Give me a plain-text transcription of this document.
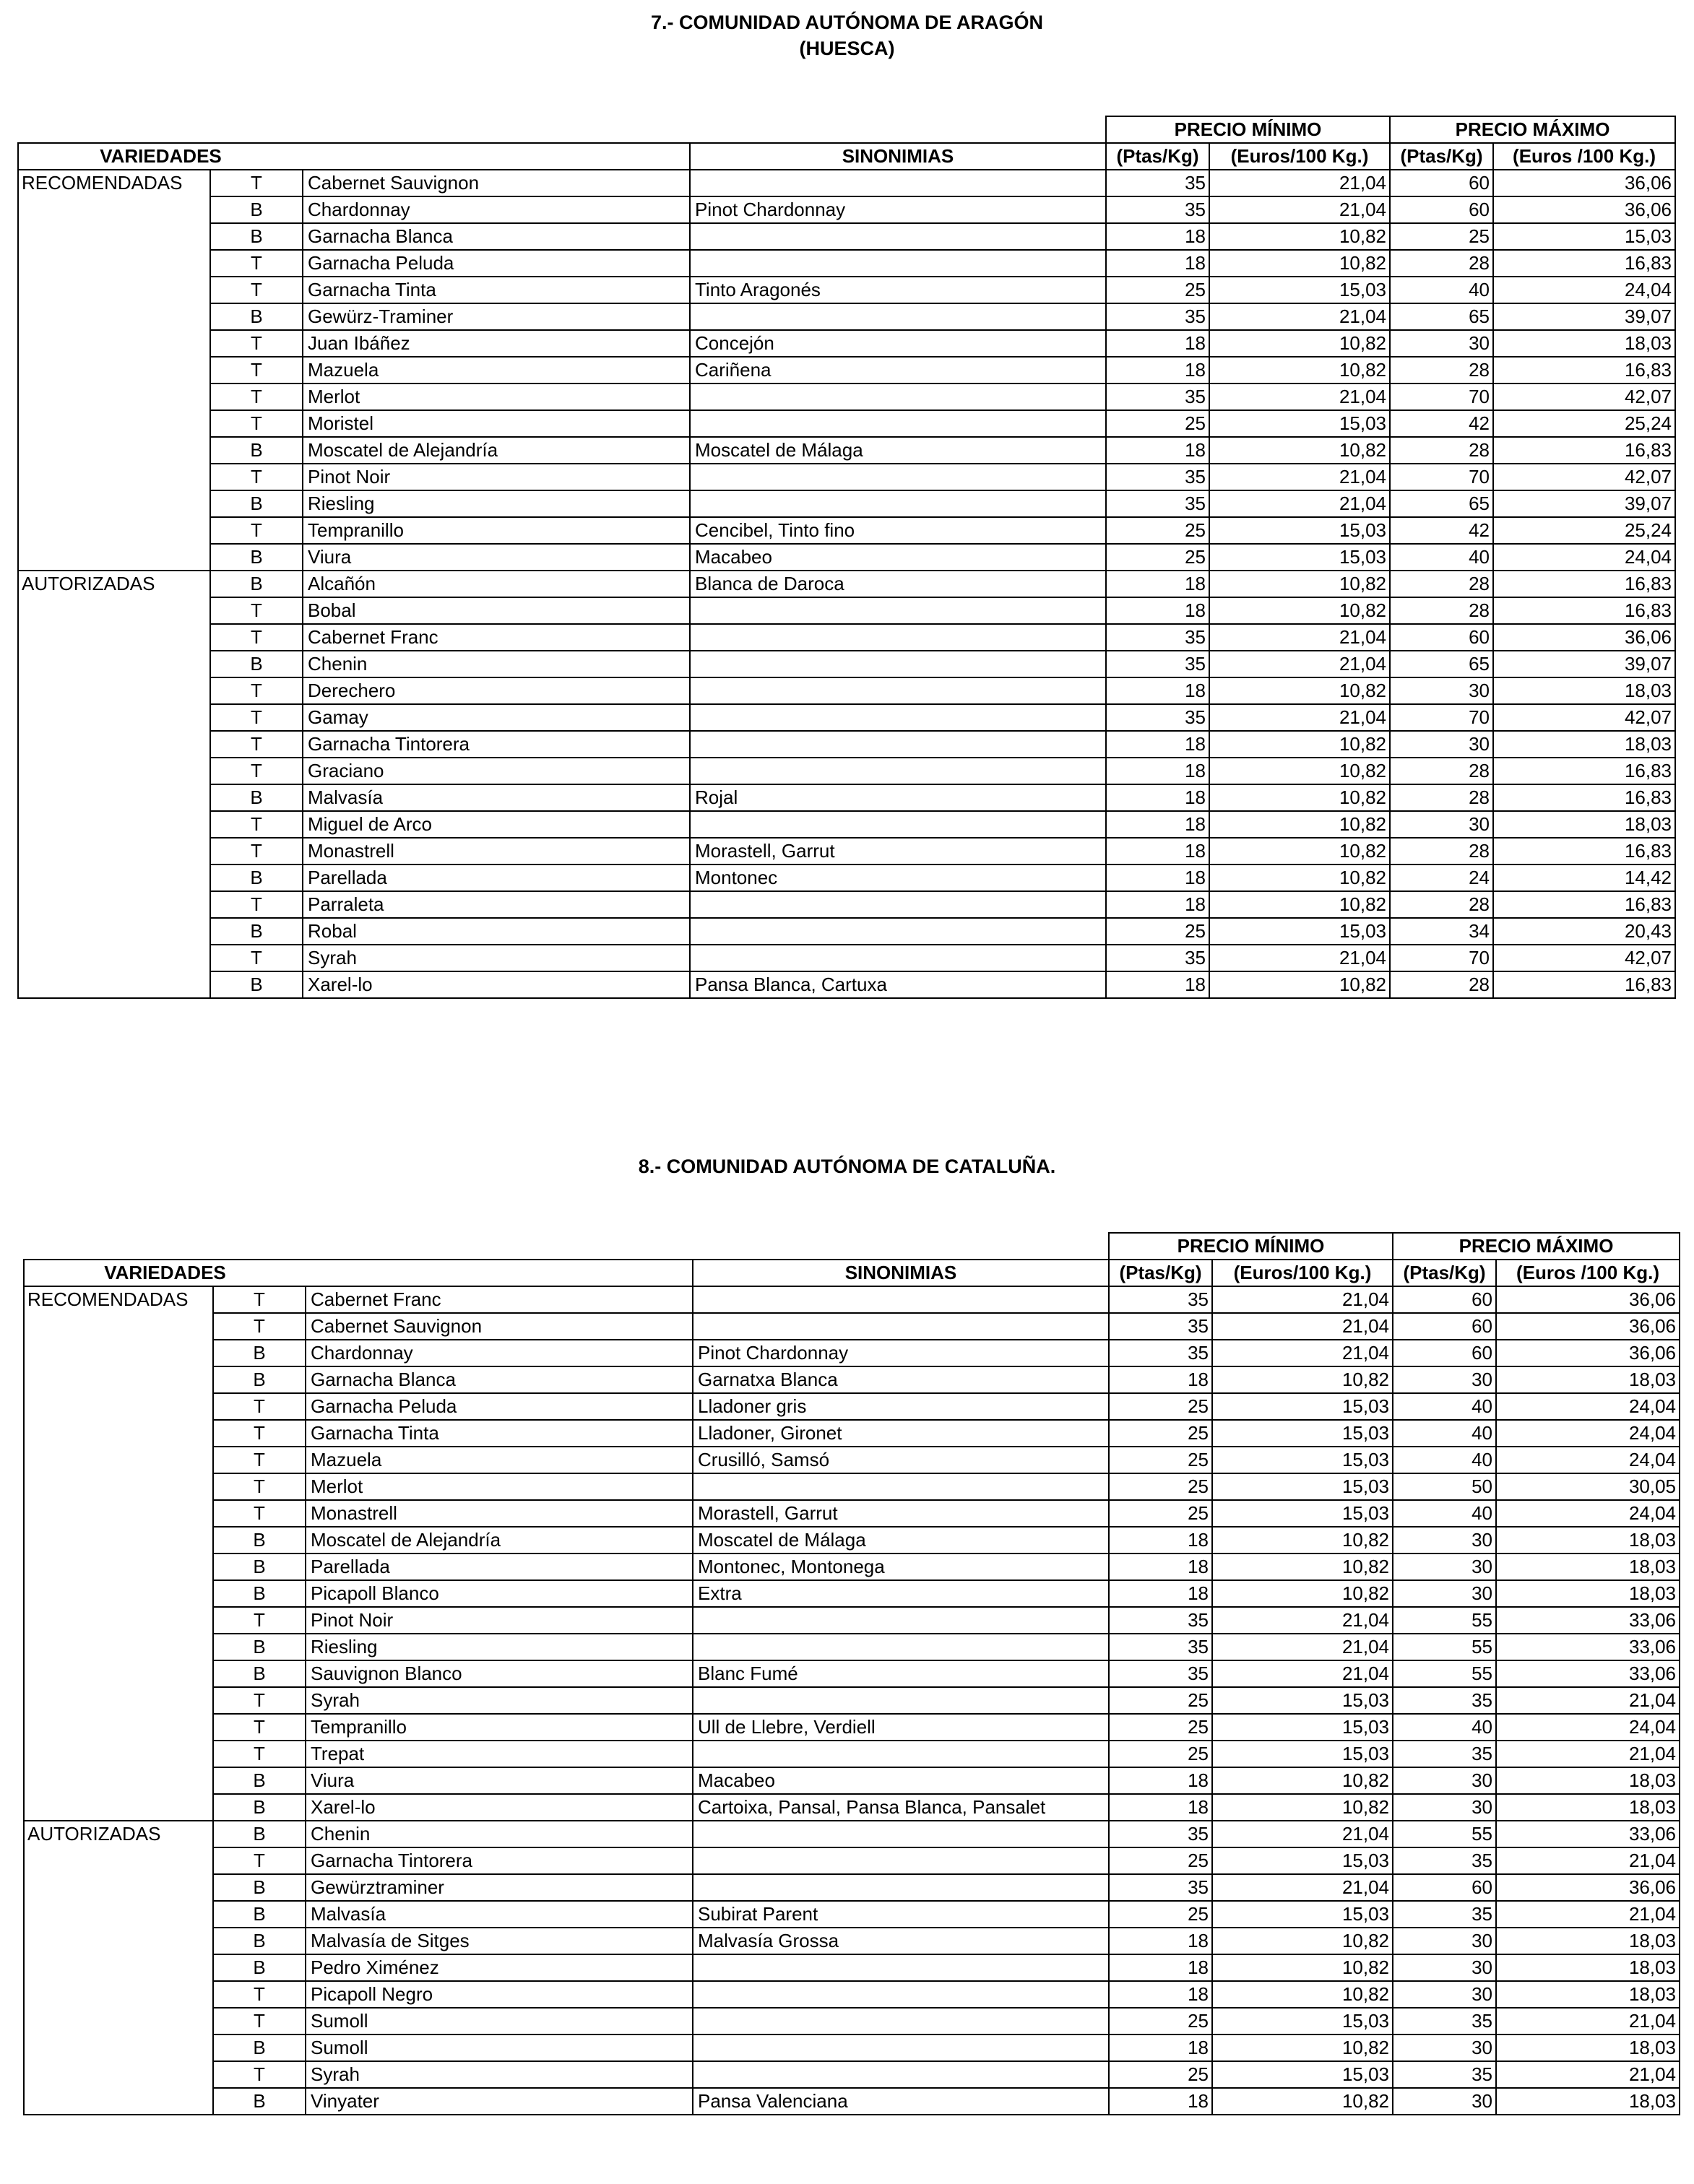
7.- COMUNIDAD AUTÓNOMA DE ARAGÓN
(HUESCA)
				PRECIO MÍNIMO		PRECIO MÁXIMO	
VARIEDADES			SINONIMIAS	(Ptas/Kg)	(Euros/100 Kg.)	(Ptas/Kg)	(Euros /100 Kg.)
RECOMENDADAS	T	Cabernet Sauvignon		35	21,04	60	36,06
	B	Chardonnay	Pinot Chardonnay	35	21,04	60	36,06
	B	Garnacha Blanca		18	10,82	25	15,03
	T	Garnacha Peluda		18	10,82	28	16,83
	T	Garnacha Tinta	Tinto Aragonés	25	15,03	40	24,04
	B	Gewürz-Traminer		35	21,04	65	39,07
	T	Juan Ibáñez	Concejón	18	10,82	30	18,03
	T	Mazuela	Cariñena	18	10,82	28	16,83
	T	Merlot		35	21,04	70	42,07
	T	Moristel		25	15,03	42	25,24
	B	Moscatel de Alejandría	Moscatel de Málaga	18	10,82	28	16,83
	T	Pinot Noir		35	21,04	70	42,07
	B	Riesling		35	21,04	65	39,07
	T	Tempranillo	Cencibel, Tinto fino	25	15,03	42	25,24
	B	Viura	Macabeo	25	15,03	40	24,04
AUTORIZADAS	B	Alcañón	Blanca de Daroca	18	10,82	28	16,83
	T	Bobal		18	10,82	28	16,83
	T	Cabernet Franc		35	21,04	60	36,06
	B	Chenin		35	21,04	65	39,07
	T	Derechero		18	10,82	30	18,03
	T	Gamay		35	21,04	70	42,07
	T	Garnacha Tintorera		18	10,82	30	18,03
	T	Graciano		18	10,82	28	16,83
	B	Malvasía	Rojal	18	10,82	28	16,83
	T	Miguel de Arco		18	10,82	30	18,03
	T	Monastrell	Morastell, Garrut	18	10,82	28	16,83
	B	Parellada	Montonec	18	10,82	24	14,42
	T	Parraleta		18	10,82	28	16,83
	B	Robal		25	15,03	34	20,43
	T	Syrah		35	21,04	70	42,07
	B	Xarel-lo	Pansa Blanca, Cartuxa	18	10,82	28	16,83
8.- COMUNIDAD AUTÓNOMA DE CATALUÑA.
				PRECIO MÍNIMO		PRECIO MÁXIMO	
VARIEDADES			SINONIMIAS	(Ptas/Kg)	(Euros/100 Kg.)	(Ptas/Kg)	(Euros /100 Kg.)
RECOMENDADAS	T	Cabernet Franc		35	21,04	60	36,06
	T	Cabernet Sauvignon		35	21,04	60	36,06
	B	Chardonnay	Pinot Chardonnay	35	21,04	60	36,06
	B	Garnacha Blanca	Garnatxa Blanca	18	10,82	30	18,03
	T	Garnacha Peluda	Lladoner gris	25	15,03	40	24,04
	T	Garnacha Tinta	Lladoner, Gironet	25	15,03	40	24,04
	T	Mazuela	Crusilló, Samsó	25	15,03	40	24,04
	T	Merlot		25	15,03	50	30,05
	T	Monastrell	Morastell, Garrut	25	15,03	40	24,04
	B	Moscatel de Alejandría	Moscatel de Málaga	18	10,82	30	18,03
	B	Parellada	Montonec, Montonega	18	10,82	30	18,03
	B	Picapoll Blanco	Extra	18	10,82	30	18,03
	T	Pinot Noir		35	21,04	55	33,06
	B	Riesling		35	21,04	55	33,06
	B	Sauvignon Blanco	Blanc Fumé	35	21,04	55	33,06
	T	Syrah		25	15,03	35	21,04
	T	Tempranillo	Ull de Llebre, Verdiell	25	15,03	40	24,04
	T	Trepat		25	15,03	35	21,04
	B	Viura	Macabeo	18	10,82	30	18,03
	B	Xarel-lo	Cartoixa, Pansal, Pansa Blanca, Pansalet	18	10,82	30	18,03
AUTORIZADAS	B	Chenin		35	21,04	55	33,06
	T	Garnacha Tintorera		25	15,03	35	21,04
	B	Gewürztraminer		35	21,04	60	36,06
	B	Malvasía	Subirat Parent	25	15,03	35	21,04
	B	Malvasía de Sitges	Malvasía Grossa	18	10,82	30	18,03
	B	Pedro Ximénez		18	10,82	30	18,03
	T	Picapoll Negro		18	10,82	30	18,03
	T	Sumoll		25	15,03	35	21,04
	B	Sumoll		18	10,82	30	18,03
	T	Syrah		25	15,03	35	21,04
	B	Vinyater	Pansa Valenciana	18	10,82	30	18,03
